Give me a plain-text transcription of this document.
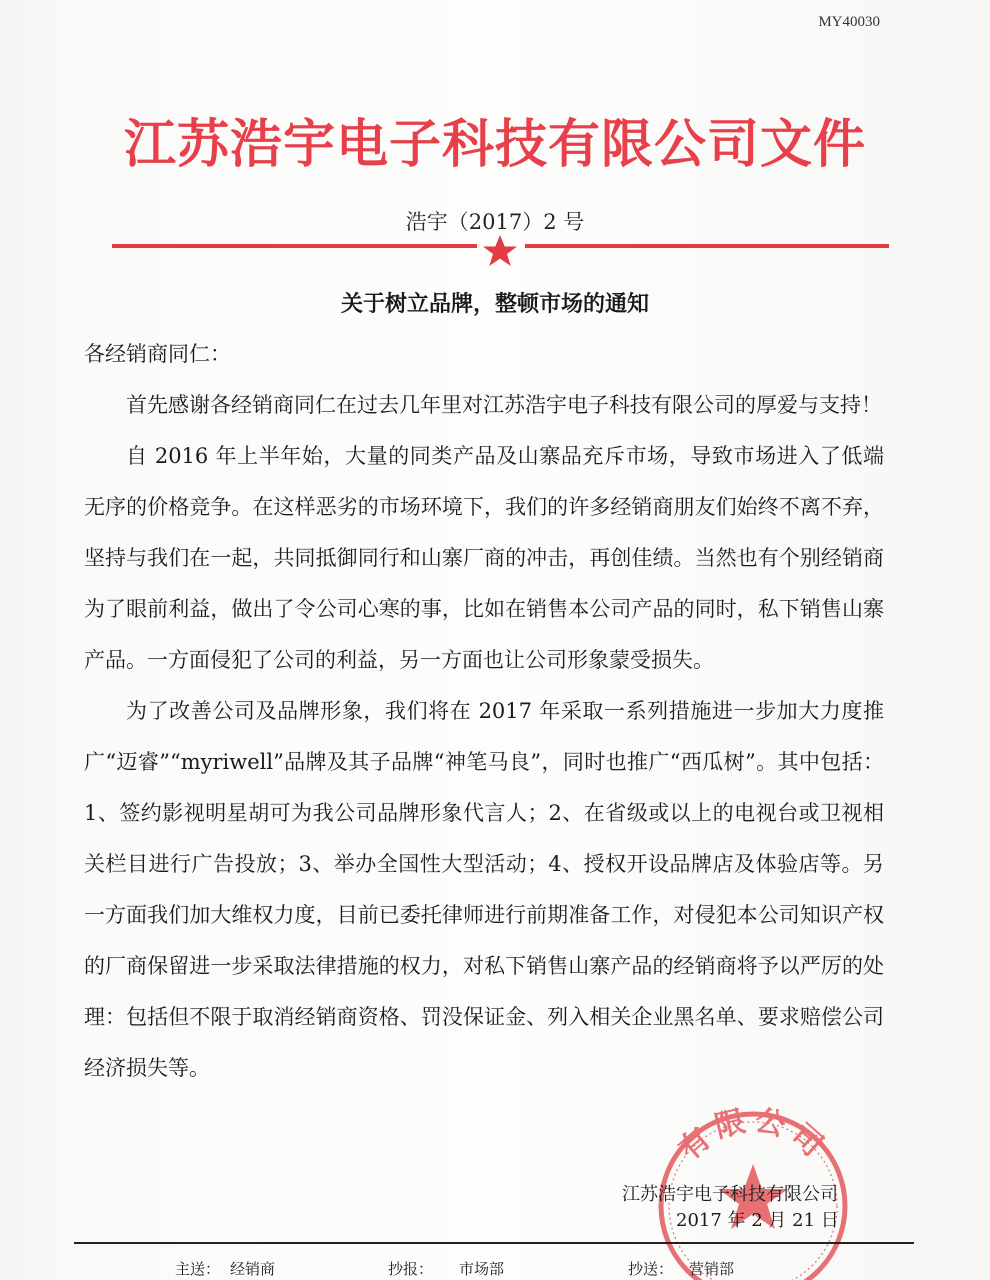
MY40030
江苏浩宇电子科技有限公司文件
浩宇（2017）2 号
关于树立品牌，整顿市场的通知
各经销商同仁：

首先感谢各经销商同仁在过去几年里对江苏浩宇电子科技有限公司的厚爱与支持！

自 2016 年上半年始，大量的同类产品及山寨品充斥市场，导致市场进入了低端无序的价格竞争。在这样恶劣的市场环境下，我们的许多经销商朋友们始终不离不弃，坚持与我们在一起，共同抵御同行和山寨厂商的冲击，再创佳绩。当然也有个别经销商为了眼前利益，做出了令公司心寒的事，比如在销售本公司产品的同时，私下销售山寨产品。一方面侵犯了公司的利益，另一方面也让公司形象蒙受损失。

为了改善公司及品牌形象，我们将在 2017 年采取一系列措施进一步加大力度推广“迈睿”“myriwell”品牌及其子品牌“神笔马良”，同时也推广“西瓜树”。其中包括：1、签约影视明星胡可为我公司品牌形象代言人；2、在省级或以上的电视台或卫视相关栏目进行广告投放；3、举办全国性大型活动；4、授权开设品牌店及体验店等。另一方面我们加大维权力度，目前已委托律师进行前期准备工作，对侵犯本公司知识产权的厂商保留进一步采取法律措施的权力，对私下销售山寨产品的经销商将予以严厉的处理：包括但不限于取消经销商资格、罚没保证金、列入相关企业黑名单、要求赔偿公司经济损失等。

有限公司
江苏浩宇电子科技有限公司
2017 年 2 月 21 日
主送： 经销商	抄报： 市场部	抄送： 营销部
